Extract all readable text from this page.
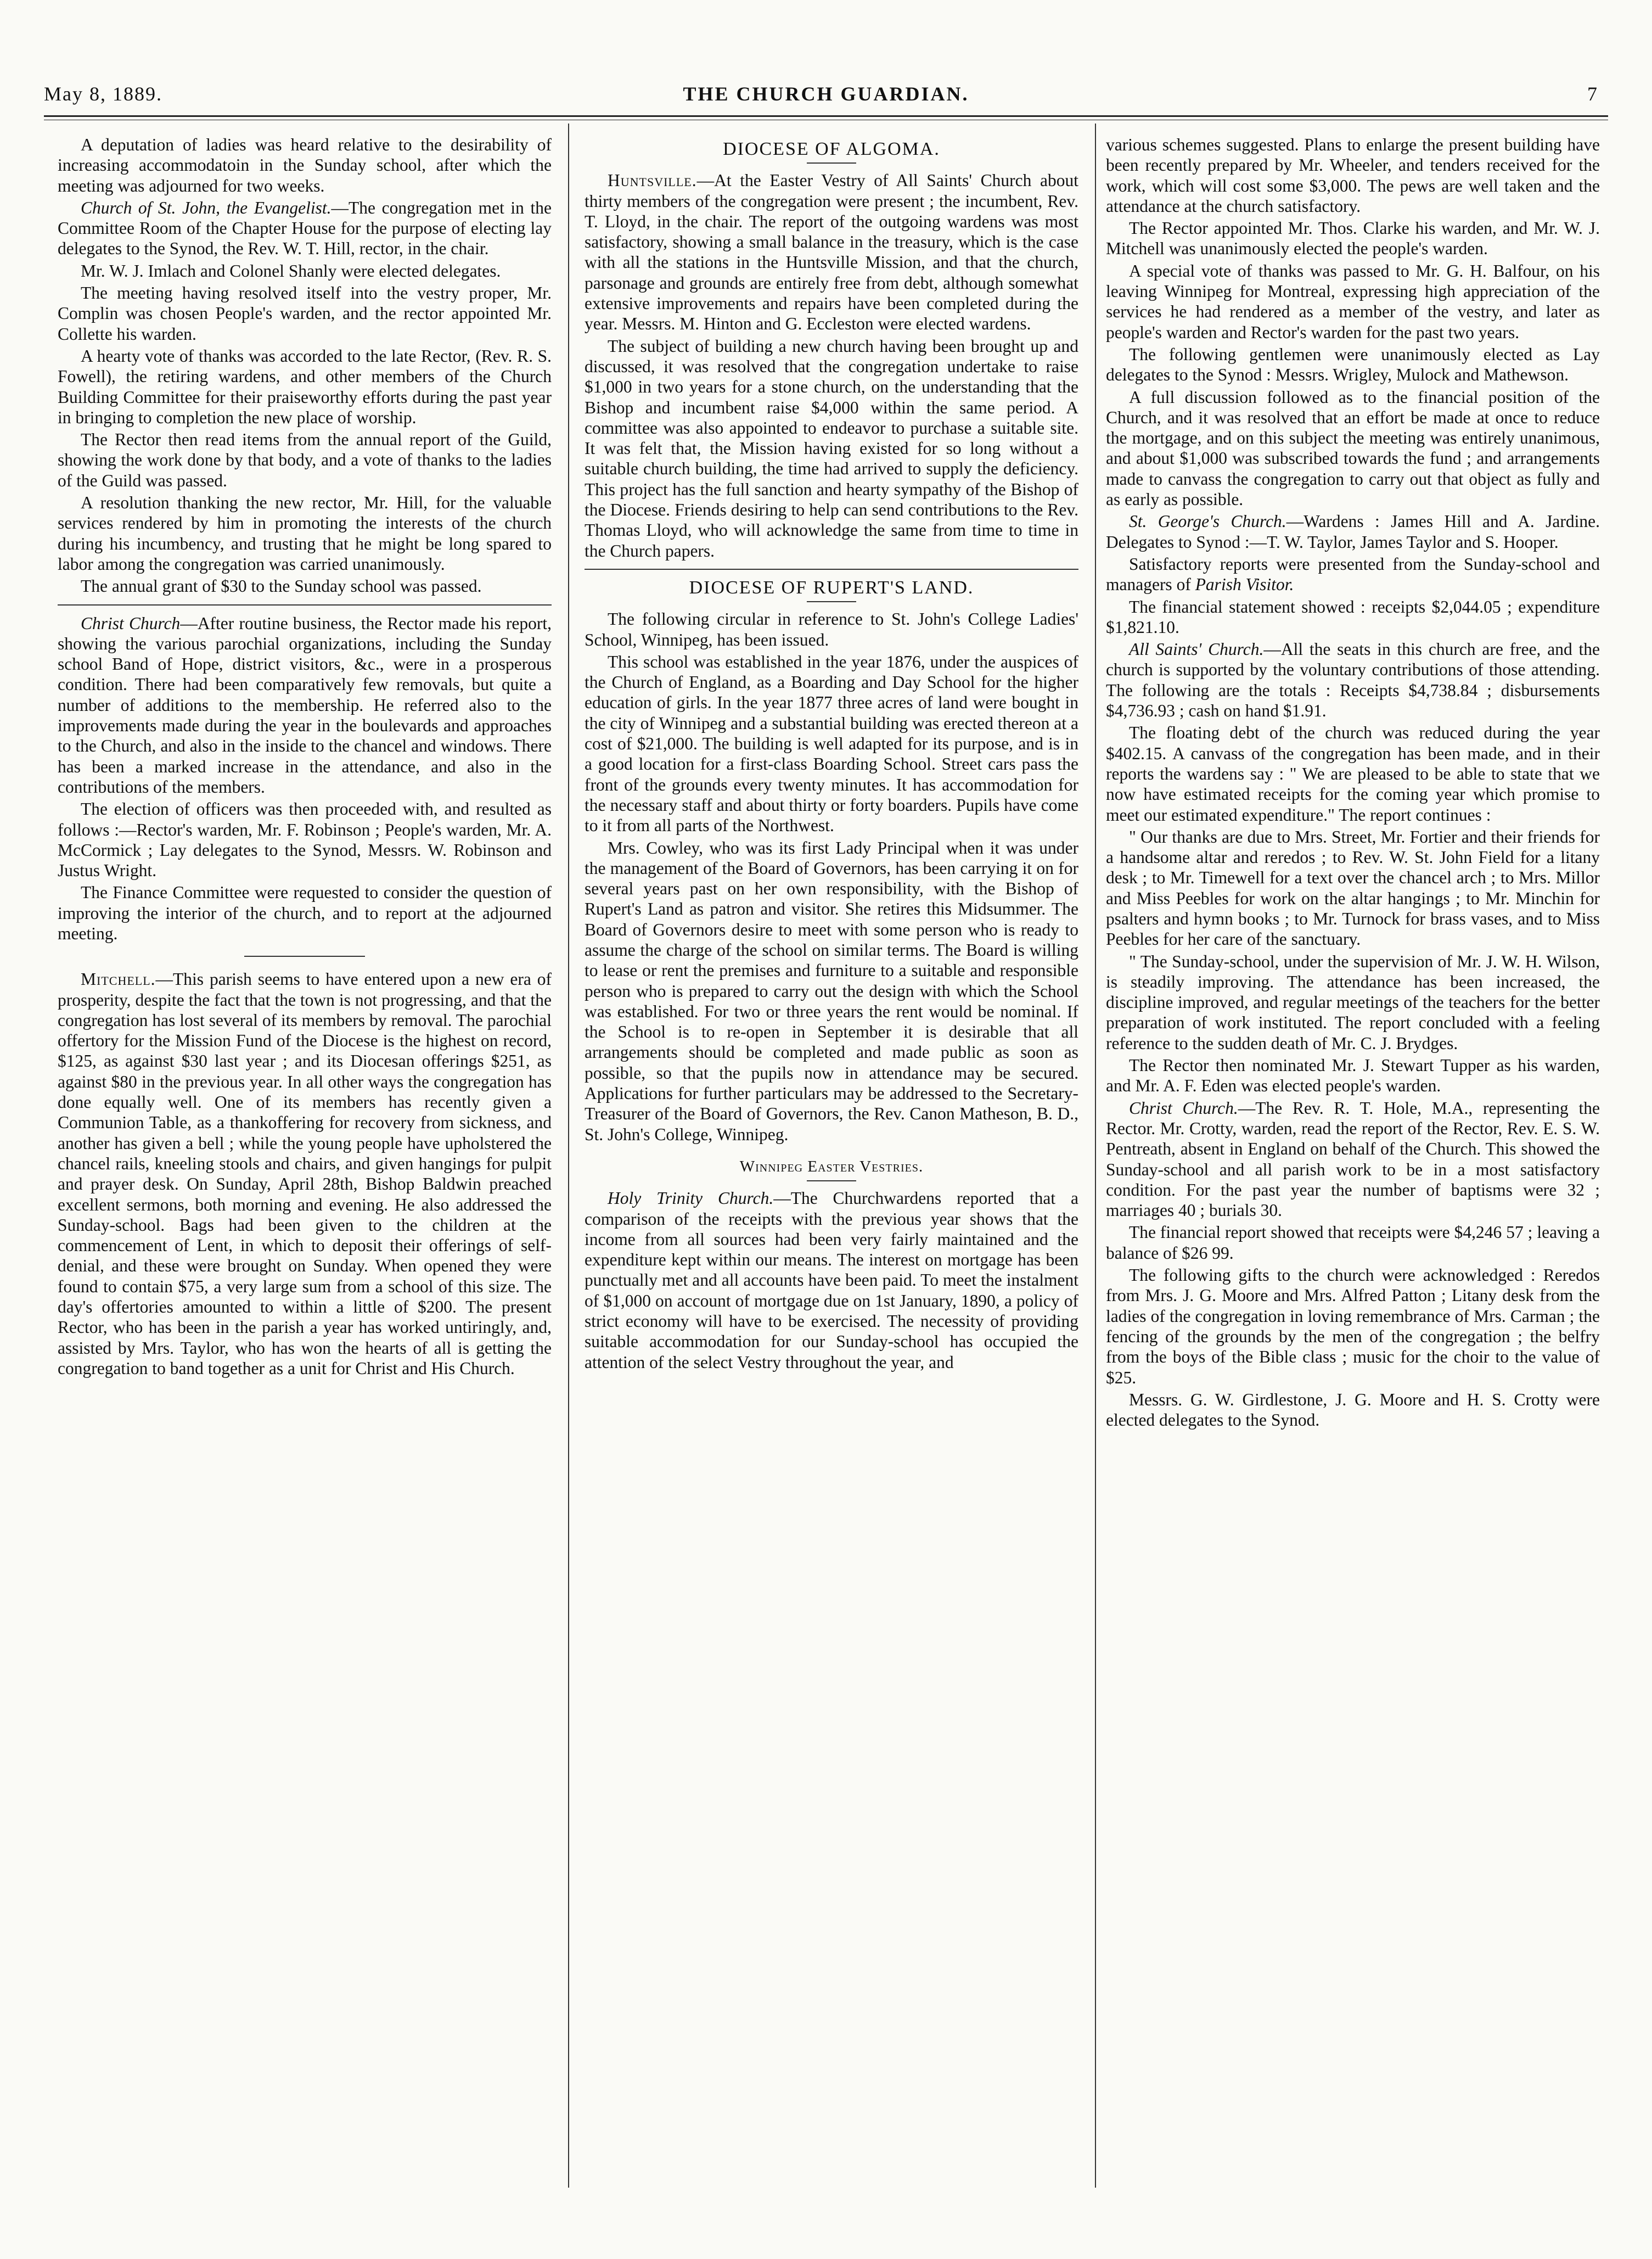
May 8, 1889.	THE CHURCH GUARDIAN.	7

A deputation of ladies was heard relative to the desirability of increasing accommodatoin in the Sunday school, after which the meeting was adjourned for two weeks.

Church of St. John, the Evangelist.—The congregation met in the Committee Room of the Chapter House for the purpose of electing lay delegates to the Synod, the Rev. W. T. Hill, rector, in the chair.

Mr. W. J. Imlach and Colonel Shanly were elected delegates.

The meeting having resolved itself into the vestry proper, Mr. Complin was chosen People's warden, and the rector appointed Mr. Collette his warden.

A hearty vote of thanks was accorded to the late Rector, (Rev. R. S. Fowell), the retiring wardens, and other members of the Church Building Committee for their praiseworthy efforts during the past year in bringing to completion the new place of worship.

The Rector then read items from the annual report of the Guild, showing the work done by that body, and a vote of thanks to the ladies of the Guild was passed.

A resolution thanking the new rector, Mr. Hill, for the valuable services rendered by him in promoting the interests of the church during his incumbency, and trusting that he might be long spared to labor among the congregation was carried unanimously.

The annual grant of $30 to the Sunday school was passed.

Christ Church—After routine business, the Rector made his report, showing the various parochial organizations, including the Sunday school Band of Hope, district visitors, &c., were in a prosperous condition. There had been comparatively few removals, but quite a number of additions to the membership. He referred also to the improvements made during the year in the boulevards and approaches to the Church, and also in the inside to the chancel and windows. There has been a marked increase in the attendance, and also in the contributions of the members.

The election of officers was then proceeded with, and resulted as follows :—Rector's warden, Mr. F. Robinson ; People's warden, Mr. A. McCormick ; Lay delegates to the Synod, Messrs. W. Robinson and Justus Wright.

The Finance Committee were requested to consider the question of improving the interior of the church, and to report at the adjourned meeting.

Mitchell.—This parish seems to have entered upon a new era of prosperity, despite the fact that the town is not progressing, and that the congregation has lost several of its members by removal. The parochial offertory for the Mission Fund of the Diocese is the highest on record, $125, as against $30 last year ; and its Diocesan offerings $251, as against $80 in the previous year. In all other ways the congregation has done equally well. One of its members has recently given a Communion Table, as a thankoffering for recovery from sickness, and another has given a bell ; while the young people have upholstered the chancel rails, kneeling stools and chairs, and given hangings for pulpit and prayer desk. On Sunday, April 28th, Bishop Baldwin preached excellent sermons, both morning and evening. He also addressed the Sunday-school. Bags had been given to the children at the commencement of Lent, in which to deposit their offerings of self-denial, and these were brought on Sunday. When opened they were found to contain $75, a very large sum from a school of this size. The day's offertories amounted to within a little of $200. The present Rector, who has been in the parish a year has worked untiringly, and, assisted by Mrs. Taylor, who has won the hearts of all is getting the congregation to band together as a unit for Christ and His Church.

DIOCESE OF ALGOMA.

Huntsville.—At the Easter Vestry of All Saints' Church about thirty members of the congregation were present ; the incumbent, Rev. T. Lloyd, in the chair. The report of the outgoing wardens was most satisfactory, showing a small balance in the treasury, which is the case with all the stations in the Huntsville Mission, and that the church, parsonage and grounds are entirely free from debt, although somewhat extensive improvements and repairs have been completed during the year. Messrs. M. Hinton and G. Eccleston were elected wardens.

The subject of building a new church having been brought up and discussed, it was resolved that the congregation undertake to raise $1,000 in two years for a stone church, on the understanding that the Bishop and incumbent raise $4,000 within the same period. A committee was also appointed to endeavor to purchase a suitable site. It was felt that, the Mission having existed for so long without a suitable church building, the time had arrived to supply the deficiency. This project has the full sanction and hearty sympathy of the Bishop of the Diocese. Friends desiring to help can send contributions to the Rev. Thomas Lloyd, who will acknowledge the same from time to time in the Church papers.

DIOCESE OF RUPERT'S LAND.

The following circular in reference to St. John's College Ladies' School, Winnipeg, has been issued.

This school was established in the year 1876, under the auspices of the Church of England, as a Boarding and Day School for the higher education of girls. In the year 1877 three acres of land were bought in the city of Winnipeg and a substantial building was erected thereon at a cost of $21,000. The building is well adapted for its purpose, and is in a good location for a first-class Boarding School. Street cars pass the front of the grounds every twenty minutes. It has accommodation for the necessary staff and about thirty or forty boarders. Pupils have come to it from all parts of the Northwest.

Mrs. Cowley, who was its first Lady Principal when it was under the management of the Board of Governors, has been carrying it on for several years past on her own responsibility, with the Bishop of Rupert's Land as patron and visitor. She retires this Midsummer. The Board of Governors desire to meet with some person who is ready to assume the charge of the school on similar terms. The Board is willing to lease or rent the premises and furniture to a suitable and responsible person who is prepared to carry out the design with which the School was established. For two or three years the rent would be nominal. If the School is to re-open in September it is desirable that all arrangements should be completed and made public as soon as possible, so that the pupils now in attendance may be secured. Applications for further particulars may be addressed to the Secretary-Treasurer of the Board of Governors, the Rev. Canon Matheson, B. D., St. John's College, Winnipeg.

Winnipeg Easter Vestries.

Holy Trinity Church.—The Churchwardens reported that a comparison of the receipts with the previous year shows that the income from all sources had been very fairly maintained and the expenditure kept within our means. The interest on mortgage has been punctually met and all accounts have been paid. To meet the instalment of $1,000 on account of mortgage due on 1st January, 1890, a policy of strict economy will have to be exercised. The necessity of providing suitable accommodation for our Sunday-school has occupied the attention of the select Vestry throughout the year, and

various schemes suggested. Plans to enlarge the present building have been recently prepared by Mr. Wheeler, and tenders received for the work, which will cost some $3,000. The pews are well taken and the attendance at the church satisfactory.

The Rector appointed Mr. Thos. Clarke his warden, and Mr. W. J. Mitchell was unanimously elected the people's warden.

A special vote of thanks was passed to Mr. G. H. Balfour, on his leaving Winnipeg for Montreal, expressing high appreciation of the services he had rendered as a member of the vestry, and later as people's warden and Rector's warden for the past two years.

The following gentlemen were unanimously elected as Lay delegates to the Synod : Messrs. Wrigley, Mulock and Mathewson.

A full discussion followed as to the financial position of the Church, and it was resolved that an effort be made at once to reduce the mortgage, and on this subject the meeting was entirely unanimous, and about $1,000 was subscribed towards the fund ; and arrangements made to canvass the congregation to carry out that object as fully and as early as possible.

St. George's Church.—Wardens : James Hill and A. Jardine. Delegates to Synod :—T. W. Taylor, James Taylor and S. Hooper.

Satisfactory reports were presented from the Sunday-school and managers of Parish Visitor.

The financial statement showed : receipts $2,044.05 ; expenditure $1,821.10.

All Saints' Church.—All the seats in this church are free, and the church is supported by the voluntary contributions of those attending. The following are the totals : Receipts $4,738.84 ; disbursements $4,736.93 ; cash on hand $1.91.

The floating debt of the church was reduced during the year $402.15. A canvass of the congregation has been made, and in their reports the wardens say : " We are pleased to be able to state that we now have estimated receipts for the coming year which promise to meet our estimated expenditure." The report continues :

" Our thanks are due to Mrs. Street, Mr. Fortier and their friends for a handsome altar and reredos ; to Rev. W. St. John Field for a litany desk ; to Mr. Timewell for a text over the chancel arch ; to Mrs. Millor and Miss Peebles for work on the altar hangings ; to Mr. Minchin for psalters and hymn books ; to Mr. Turnock for brass vases, and to Miss Peebles for her care of the sanctuary.

" The Sunday-school, under the supervision of Mr. J. W. H. Wilson, is steadily improving. The attendance has been increased, the discipline improved, and regular meetings of the teachers for the better preparation of work instituted. The report concluded with a feeling reference to the sudden death of Mr. C. J. Brydges.

The Rector then nominated Mr. J. Stewart Tupper as his warden, and Mr. A. F. Eden was elected people's warden.

Christ Church.—The Rev. R. T. Hole, M.A., representing the Rector. Mr. Crotty, warden, read the report of the Rector, Rev. E. S. W. Pentreath, absent in England on behalf of the Church. This showed the Sunday-school and all parish work to be in a most satisfactory condition. For the past year the number of baptisms were 32 ; marriages 40 ; burials 30.

The financial report showed that receipts were $4,246 57 ; leaving a balance of $26 99.

The following gifts to the church were acknowledged : Reredos from Mrs. J. G. Moore and Mrs. Alfred Patton ; Litany desk from the ladies of the congregation in loving remembrance of Mrs. Carman ; the fencing of the grounds by the men of the congregation ; the belfry from the boys of the Bible class ; music for the choir to the value of $25.

Messrs. G. W. Girdlestone, J. G. Moore and H. S. Crotty were elected delegates to the Synod.
